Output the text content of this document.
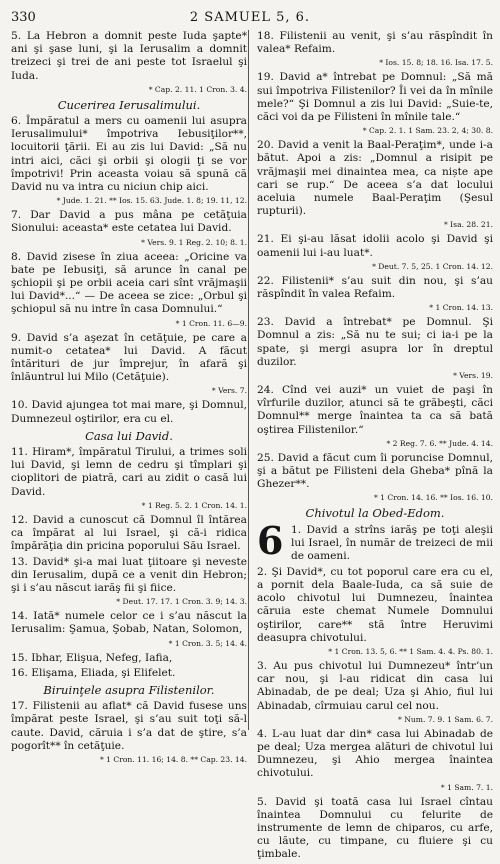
330	2 SAMUEL 5, 6.
5. La Hebron a domnit peste Iuda şapte* ani şi şase luni, şi la Ierusalim a domnit treizeci şi trei de ani peste tot Israelul şi Iuda.
* Cap. 2. 11. 1 Cron. 3. 4.
Cucerirea Ierusalimului.
6. Împăratul a mers cu oamenii lui asupra Ierusalimului* împotriva Iebusiţilor**, locuitorii ţării. Ei au zis lui David: „Să nu intri aici, căci şi orbii şi ologii ţi se vor împotrivi! Prin aceasta voiau să spună că David nu va intra cu niciun chip aici.
* Jude. 1. 21. ** Ios. 15. 63. Jude. 1. 8; 19. 11, 12.
7. Dar David a pus mâna pe cetăţuia Sionului: aceasta* este cetatea lui David.
* Vers. 9. 1 Reg. 2. 10; 8. 1.
8. David zisese în ziua aceea: „Oricine va bate pe Iebusiţi, să arunce în canal pe şchiopii şi pe orbii aceia cari sînt vrăjmaşii lui David*...“ — De aceea se zice: „Orbul şi şchiopul să nu intre în casa Domnului.“
* 1 Cron. 11. 6—9.
9. David s’a aşezat în cetăţuie, pe care a numit-o cetatea* lui David. A făcut întărituri de jur împrejur, în afară şi înlăuntrul lui Milo (Cetăţuie).
* Vers. 7.
10. David ajungea tot mai mare, şi Domnul, Dumnezeul oştirilor, era cu el.
Casa lui David.
11. Hiram*, împăratul Tirului, a trimes soli lui David, şi lemn de cedru şi tîmplari şi cioplitori de piatră, cari au zidit o casă lui David.
* 1 Reg. 5. 2. 1 Cron. 14. 1.
12. David a cunoscut că Domnul îl întărea ca împărat al lui Israel, şi că-i ridica împărăţia din pricina poporului Său Israel.
13. David* şi-a mai luat ţiitoare şi neveste din Ierusalim, după ce a venit din Hebron; şi i s’au născut iarăş fii şi fiice.
* Deut. 17. 17. 1 Cron. 3. 9; 14. 3.
14. Iată* numele celor ce i s’au născut la Ierusalim: Şamua, Şobab, Natan, Solomon,
* 1 Cron. 3. 5; 14. 4.
15. Ibhar, Elişua, Nefeg, Iafia,
16. Elişama, Eliada, şi Elifelet.
Biruinţele asupra Filistenilor.
17. Filistenii au aflat* că David fusese uns împărat peste Israel, şi s’au suit toţi să-l caute. David, căruia i s’a dat de ştire, s’a pogorît** în cetăţuie.
* 1 Cron. 11. 16; 14. 8. ** Cap. 23. 14.
18. Filistenii au venit, şi s’au răspîndit în valea* Refaim.
* Ios. 15. 8; 18. 16. Isa. 17. 5.
19. David a* întrebat pe Domnul: „Să mă sui împotriva Filistenilor? Îi vei da în mînile mele?“ Şi Domnul a zis lui David: „Suie-te, căci voi da pe Filisteni în mînile tale.“
* Cap. 2. 1. 1 Sam. 23. 2, 4; 30. 8.
20. David a venit la Baal-Peraţim*, unde i-a bătut. Apoi a zis: „Domnul a risipit pe vrăjmaşii mei dinaintea mea, ca niște ape cari se rup.“ De aceea s’a dat locului aceluia numele Baal-Peraţim (Şesul rupturii).
* Isa. 28. 21.
21. Ei şi-au lăsat idolii acolo şi David şi oamenii lui i-au luat*.
* Deut. 7. 5, 25. 1 Cron. 14. 12.
22. Filistenii* s’au suit din nou, şi s’au răspîndit în valea Refaim.
* 1 Cron. 14. 13.
23. David a întrebat* pe Domnul. Şi Domnul a zis: „Să nu te sui; ci ia-i pe la spate, şi mergi asupra lor în dreptul duzilor.
* Vers. 19.
24. Cînd vei auzi* un vuiet de paşi în vîrfurile duzilor, atunci să te grăbeşti, căci Domnul** merge înaintea ta ca să bată oştirea Filistenilor.“
* 2 Reg. 7. 6. ** Jude. 4. 14.
25. David a făcut cum îi poruncise Domnul, şi a bătut pe Filisteni dela Gheba* pînă la Ghezer**.
* 1 Cron. 14. 16. ** Ios. 16. 10.
Chivotul la Obed-Edom.
6 1. David a strîns iarăş pe toţi aleşii lui Israel, în număr de treizeci de mii de oameni.
2. Şi David*, cu tot poporul care era cu el, a pornit dela Baale-Iuda, ca să suie de acolo chivotul lui Dumnezeu, înaintea căruia este chemat Numele Domnului oştirilor, care** stă între Heruvimi deasupra chivotului.
* 1 Cron. 13. 5, 6. ** 1 Sam. 4. 4. Ps. 80. 1.
3. Au pus chivotul lui Dumnezeu* într’un car nou, şi l-au ridicat din casa lui Abinadab, de pe deal; Uza şi Ahio, fiul lui Abinadab, cîrmuiau carul cel nou.
* Num. 7. 9. 1 Sam. 6. 7.
4. L-au luat dar din* casa lui Abinadab de pe deal; Uza mergea alături de chivotul lui Dumnezeu, şi Ahio mergea înaintea chivotului.
* 1 Sam. 7. 1.
5. David şi toată casa lui Israel cîntau înaintea Domnului cu felurite de instrumente de lemn de chiparos, cu arfe, cu lăute, cu timpane, cu fluiere şi cu ţimbale.
